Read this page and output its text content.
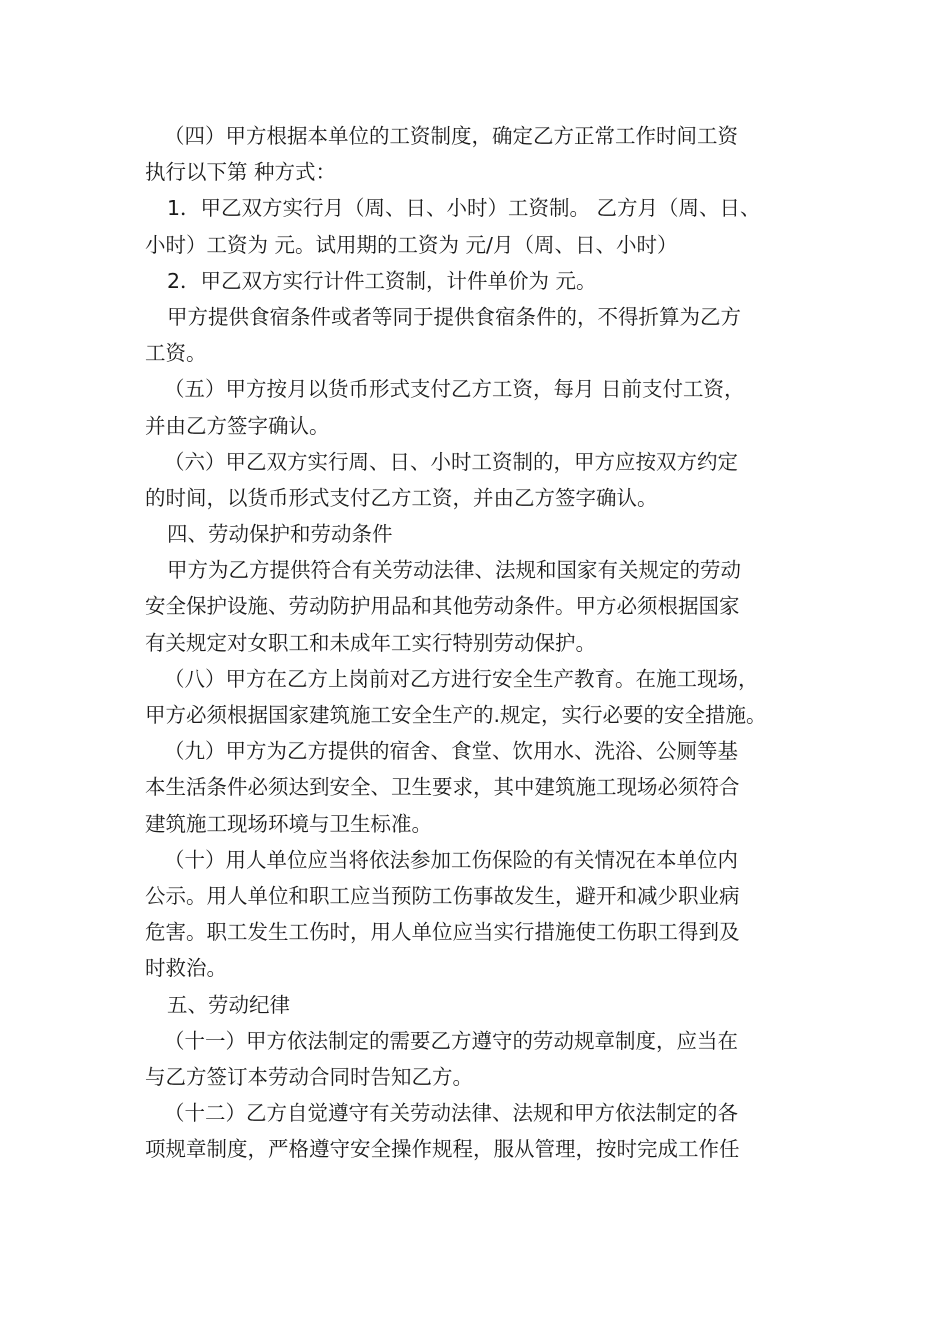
（四）甲方根据本单位的工资制度，确定乙方正常工作时间工资
执行以下第 种方式：
1．甲乙双方实行月（周、日、小时）工资制。 乙方月（周、日、
小时）工资为 元。试用期的工资为 元/月（周、日、小时）
2．甲乙双方实行计件工资制，计件单价为 元。
甲方提供食宿条件或者等同于提供食宿条件的，不得折算为乙方
工资。
（五）甲方按月以货币形式支付乙方工资，每月 日前支付工资，
并由乙方签字确认。
（六）甲乙双方实行周、日、小时工资制的，甲方应按双方约定
的时间，以货币形式支付乙方工资，并由乙方签字确认。
四、劳动保护和劳动条件
甲方为乙方提供符合有关劳动法律、法规和国家有关规定的劳动
安全保护设施、劳动防护用品和其他劳动条件。甲方必须根据国家
有关规定对女职工和未成年工实行特别劳动保护。
（八）甲方在乙方上岗前对乙方进行安全生产教育。在施工现场，
甲方必须根据国家建筑施工安全生产的.规定，实行必要的安全措施。
（九）甲方为乙方提供的宿舍、食堂、饮用水、洗浴、公厕等基
本生活条件必须达到安全、卫生要求，其中建筑施工现场必须符合
建筑施工现场环境与卫生标准。
（十）用人单位应当将依法参加工伤保险的有关情况在本单位内
公示。用人单位和职工应当预防工伤事故发生，避开和减少职业病
危害。职工发生工伤时，用人单位应当实行措施使工伤职工得到及
时救治。
五、劳动纪律
（十一）甲方依法制定的需要乙方遵守的劳动规章制度，应当在
与乙方签订本劳动合同时告知乙方。
（十二）乙方自觉遵守有关劳动法律、法规和甲方依法制定的各
项规章制度，严格遵守安全操作规程，服从管理，按时完成工作任
